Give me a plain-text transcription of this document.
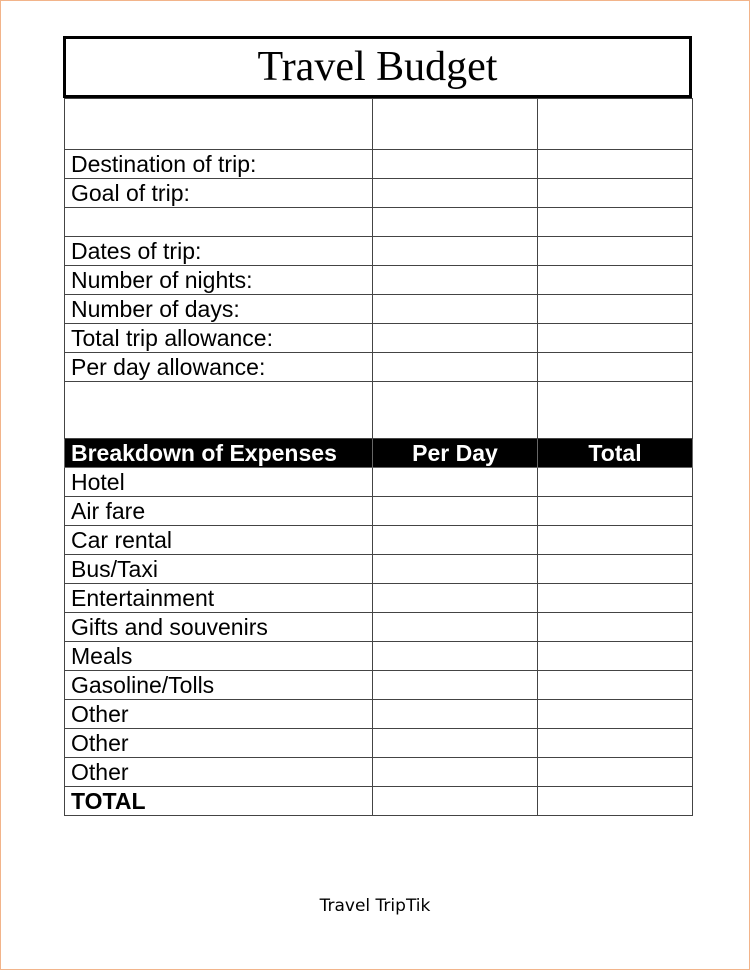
Travel Budget

Destination of trip:		
Goal of trip:		

Dates of trip:		
Number of nights:		
Number of days:		
Total trip allowance:		
Per day allowance:		

Breakdown of Expenses	Per Day	Total
Hotel		
Air fare		
Car rental		
Bus/Taxi		
Entertainment		
Gifts and souvenirs		
Meals		
Gasoline/Tolls		
Other		
Other		
Other		
TOTAL		
Travel TripTik
